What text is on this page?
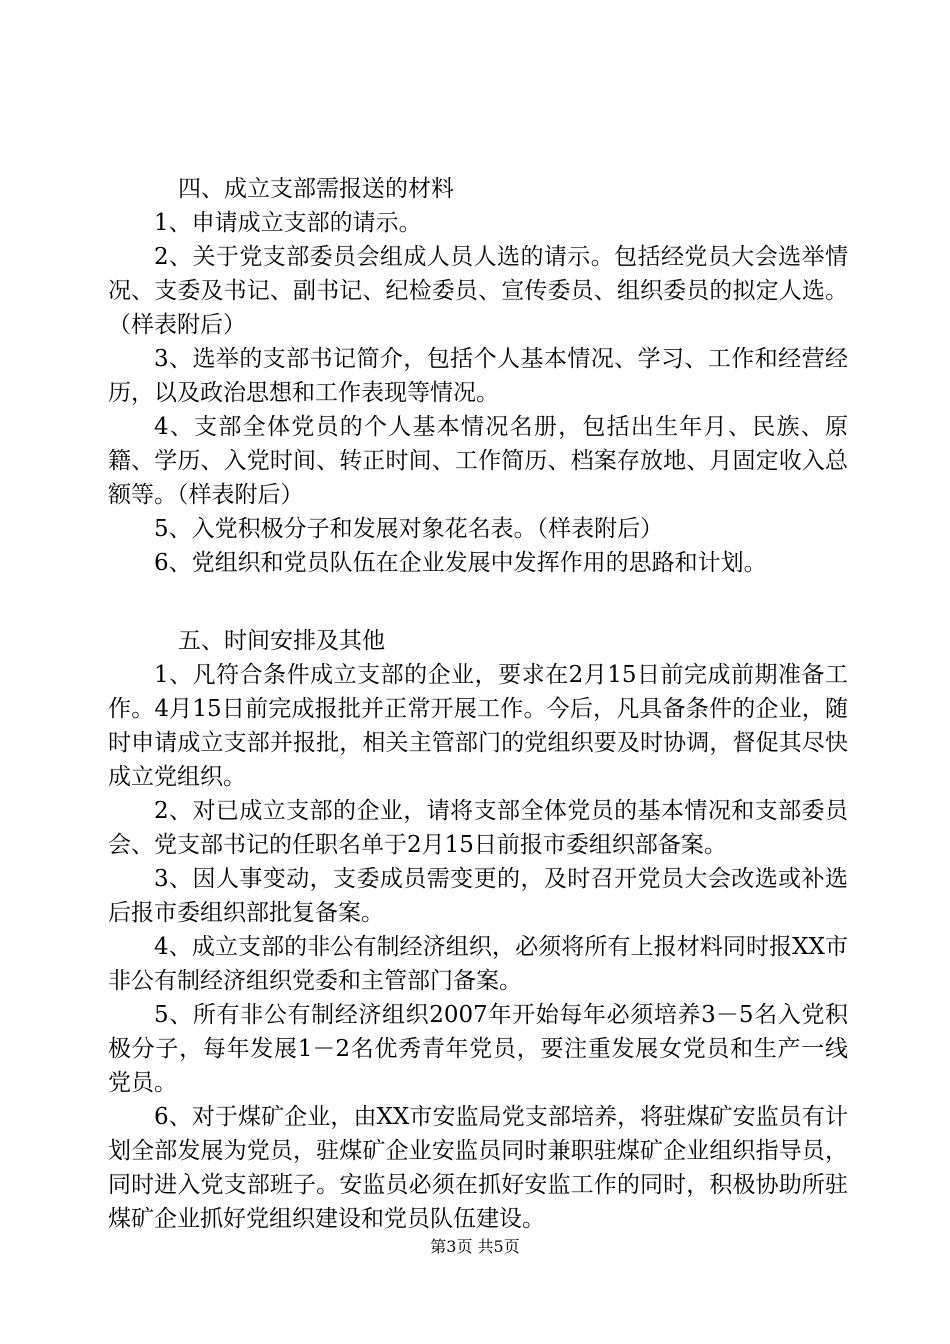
四、成立支部需报送的材料

1、申请成立支部的请示。

2、关于党支部委员会组成人员人选的请示。包括经党员大会选举情况、支委及书记、副书记、纪检委员、宣传委员、组织委员的拟定人选。（样表附后）

3、选举的支部书记简介，包括个人基本情况、学习、工作和经营经历，以及政治思想和工作表现等情况。

4、支部全体党员的个人基本情况名册，包括出生年月、民族、原籍、学历、入党时间、转正时间、工作简历、档案存放地、月固定收入总额等。（样表附后）

5、入党积极分子和发展对象花名表。（样表附后）

6、党组织和党员队伍在企业发展中发挥作用的思路和计划。

五、时间安排及其他

1、凡符合条件成立支部的企业，要求在2月15日前完成前期准备工作。4月15日前完成报批并正常开展工作。今后，凡具备条件的企业，随时申请成立支部并报批，相关主管部门的党组织要及时协调，督促其尽快成立党组织。

2、对已成立支部的企业，请将支部全体党员的基本情况和支部委员会、党支部书记的任职名单于2月15日前报市委组织部备案。

3、因人事变动，支委成员需变更的，及时召开党员大会改选或补选后报市委组织部批复备案。

4、成立支部的非公有制经济组织，必须将所有上报材料同时报XX市非公有制经济组织党委和主管部门备案。

5、所有非公有制经济组织2007年开始每年必须培养3－5名入党积极分子，每年发展1－2名优秀青年党员，要注重发展女党员和生产一线党员。

6、对于煤矿企业，由XX市安监局党支部培养，将驻煤矿安监员有计划全部发展为党员，驻煤矿企业安监员同时兼职驻煤矿企业组织指导员，同时进入党支部班子。安监员必须在抓好安监工作的同时，积极协助所驻煤矿企业抓好党组织建设和党员队伍建设。

第3页 共5页
